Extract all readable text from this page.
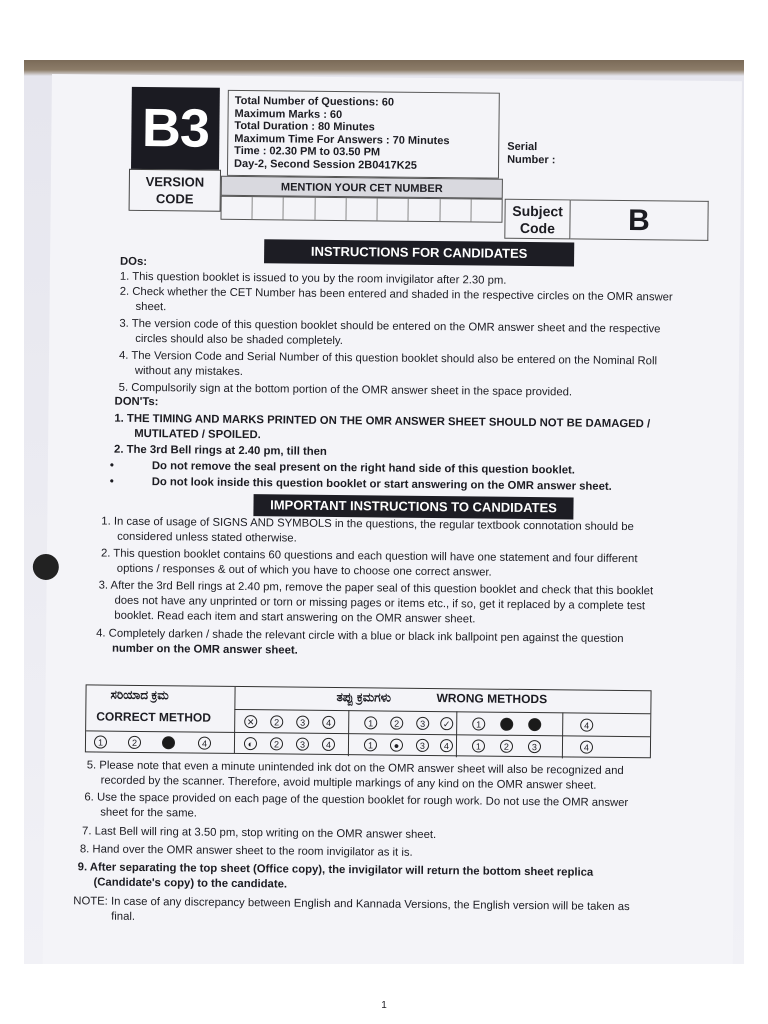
B3
VERSION
CODE
Total Number of Questions: 60
Maximum Marks : 60
Total Duration : 80 Minutes
Maximum Time For Answers : 70 Minutes
Time : 02.30 PM to 03.50 PM
Day-2, Second Session 2B0417K25
MENTION YOUR CET NUMBER
Serial
Number :
Subject
Code	B
INSTRUCTIONS FOR CANDIDATES
DOs:
1. This question booklet is issued to you by the room invigilator after 2.30 pm.
2. Check whether the CET Number has been entered and shaded in the respective circles on the OMR answer
sheet.
3. The version code of this question booklet should be entered on the OMR answer sheet and the respective
circles should also be shaded completely.
4. The Version Code and Serial Number of this question booklet should also be entered on the Nominal Roll
without any mistakes.
5. Compulsorily sign at the bottom portion of the OMR answer sheet in the space provided.
DON'Ts:
1. THE TIMING AND MARKS PRINTED ON THE OMR ANSWER SHEET SHOULD NOT BE DAMAGED /
MUTILATED / SPOILED.
2. The 3rd Bell rings at 2.40 pm, till then
•	Do not remove the seal present on the right hand side of this question booklet.
•	Do not look inside this question booklet or start answering on the OMR answer sheet.
IMPORTANT INSTRUCTIONS TO CANDIDATES
1. In case of usage of SIGNS AND SYMBOLS in the questions, the regular textbook connotation should be
considered unless stated otherwise.
2. This question booklet contains 60 questions and each question will have one statement and four different
options / responses & out of which you have to choose one correct answer.
3. After the 3rd Bell rings at 2.40 pm, remove the paper seal of this question booklet and check that this booklet
does not have any unprinted or torn or missing pages or items etc., if so, get it replaced by a complete test
booklet. Read each item and start answering on the OMR answer sheet.
4. Completely darken / shade the relevant circle with a blue or black ink ballpoint pen against the question
number on the OMR answer sheet.
ಸರಿಯಾದ ಕ್ರಮ
CORRECT METHOD
ತಪ್ಪು ಕ್ರಮಗಳು	WRONG METHODS
1	2	4
✕	2	3	4	1	2	3	✓	1	4
◐	2	3	4	1	●	3	4	1	2	3	4
5. Please note that even a minute unintended ink dot on the OMR answer sheet will also be recognized and
recorded by the scanner. Therefore, avoid multiple markings of any kind on the OMR answer sheet.
6. Use the space provided on each page of the question booklet for rough work. Do not use the OMR answer
sheet for the same.
7. Last Bell will ring at 3.50 pm, stop writing on the OMR answer sheet.
8. Hand over the OMR answer sheet to the room invigilator as it is.
9. After separating the top sheet (Office copy), the invigilator will return the bottom sheet replica
(Candidate's copy) to the candidate.
NOTE: In case of any discrepancy between English and Kannada Versions, the English version will be taken as
final.
1
